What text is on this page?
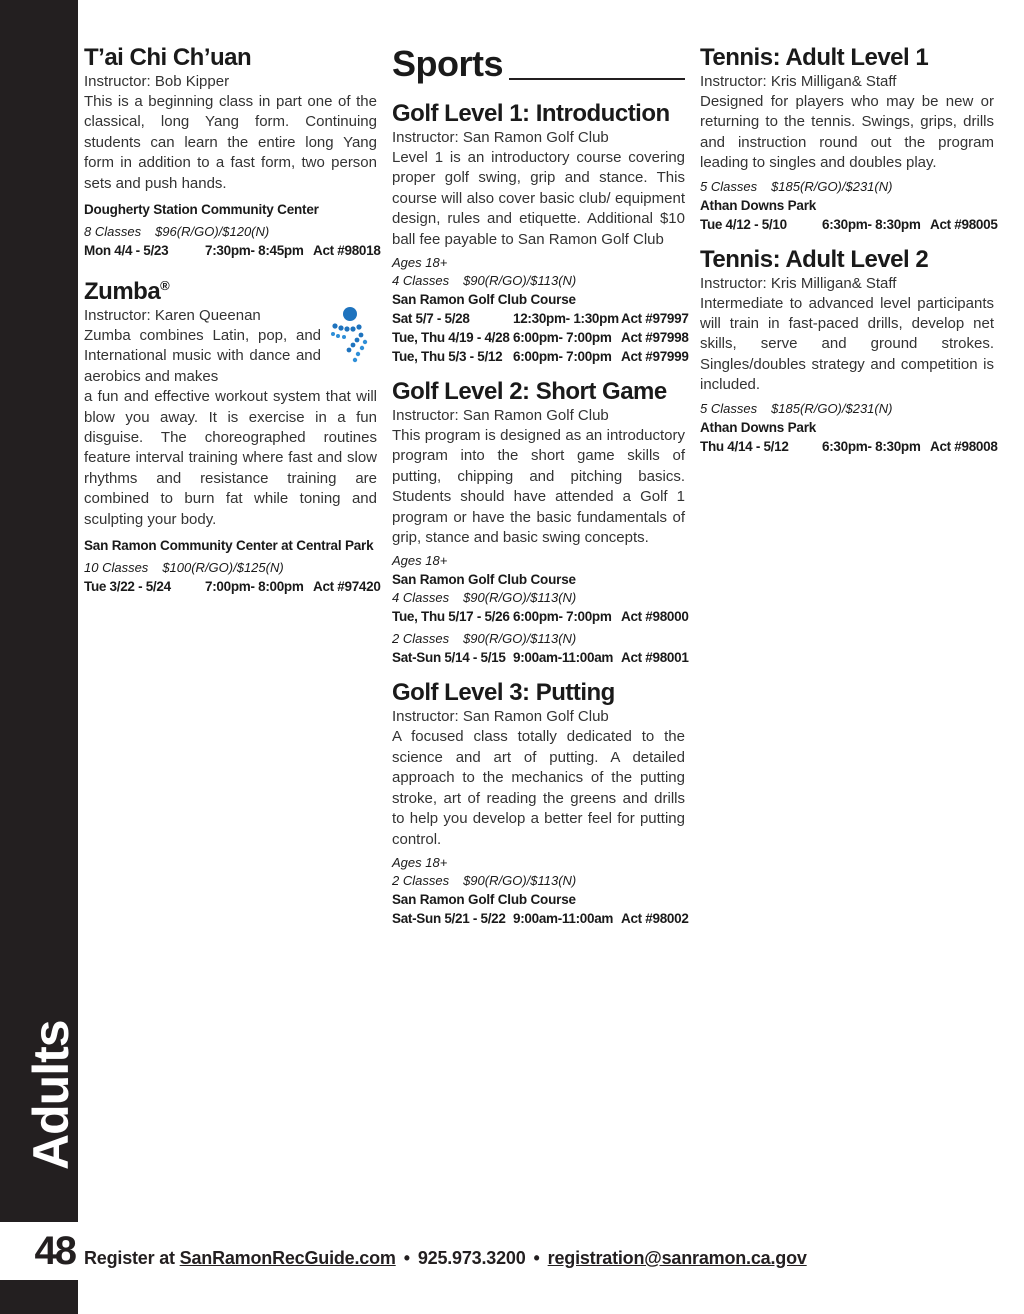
Adults
48
T’ai Chi Ch’uan
Instructor: Bob Kipper
This is a beginning class in part one of the classical, long Yang form. Continuing students can learn the entire long Yang form in addition to a fast form, two person sets and push hands.
Dougherty Station Community Center
8 Classes $96(R/GO)/$120(N)
Mon 4/4 - 5/23	7:30pm- 8:45pm Act #98018
Zumba®
Instructor: Karen Queenan
Zumba combines Latin, pop, and International music with dance and aerobics and makes
a fun and effective workout system that will blow you away. It is exercise in a fun disguise. The choreographed routines feature interval training where fast and slow rhythms and resistance training are combined to burn fat while toning and sculpting your body.
San Ramon Community Center at Central Park
10 Classes $100(R/GO)/$125(N)
Tue 3/22 - 5/24	7:00pm- 8:00pm Act #97420
Sports
Golf Level 1: Introduction
Instructor: San Ramon Golf Club
Level 1 is an introductory course covering proper golf swing, grip and stance. This course will also cover basic club/ equipment design, rules and etiquette. Additional $10 ball fee payable to San Ramon Golf Club
Ages 18+
4 Classes $90(R/GO)/$113(N)
San Ramon Golf Club Course
Sat 5/7 - 5/28	12:30pm- 1:30pm Act #97997
Tue, Thu 4/19 - 4/28 6:00pm- 7:00pm Act #97998
Tue, Thu 5/3 - 5/12 6:00pm- 7:00pm Act #97999
Golf Level 2: Short Game
Instructor: San Ramon Golf Club
This program is designed as an introductory program into the short game skills of putting, chipping and pitching basics. Students should have attended a Golf 1 program or have the basic fundamentals of grip, stance and basic swing concepts.
Ages 18+
San Ramon Golf Club Course
4 Classes $90(R/GO)/$113(N)
Tue, Thu 5/17 - 5/26 6:00pm- 7:00pm Act #98000
2 Classes $90(R/GO)/$113(N)
Sat-Sun 5/14 - 5/15 9:00am-11:00am Act #98001
Golf Level 3: Putting
Instructor: San Ramon Golf Club
A focused class totally dedicated to the science and art of putting. A detailed approach to the mechanics of the putting stroke, art of reading the greens and drills to help you develop a better feel for putting control.
Ages 18+
2 Classes $90(R/GO)/$113(N)
San Ramon Golf Club Course
Sat-Sun 5/21 - 5/22 9:00am-11:00am Act #98002
Tennis: Adult Level 1
Instructor: Kris Milligan& Staff
Designed for players who may be new or returning to the tennis. Swings, grips, drills and instruction round out the program leading to singles and doubles play.
5 Classes $185(R/GO)/$231(N)
Athan Downs Park
Tue 4/12 - 5/10	6:30pm- 8:30pm Act #98005
Tennis: Adult Level 2
Instructor: Kris Milligan& Staff
Intermediate to advanced level participants will train in fast-paced drills, develop net skills, serve and ground strokes. Singles/doubles strategy and competition is included.
5 Classes $185(R/GO)/$231(N)
Athan Downs Park
Thu 4/14 - 5/12	6:30pm- 8:30pm Act #98008
Register at SanRamonRecGuide.com • 925.973.3200 • registration@sanramon.ca.gov
